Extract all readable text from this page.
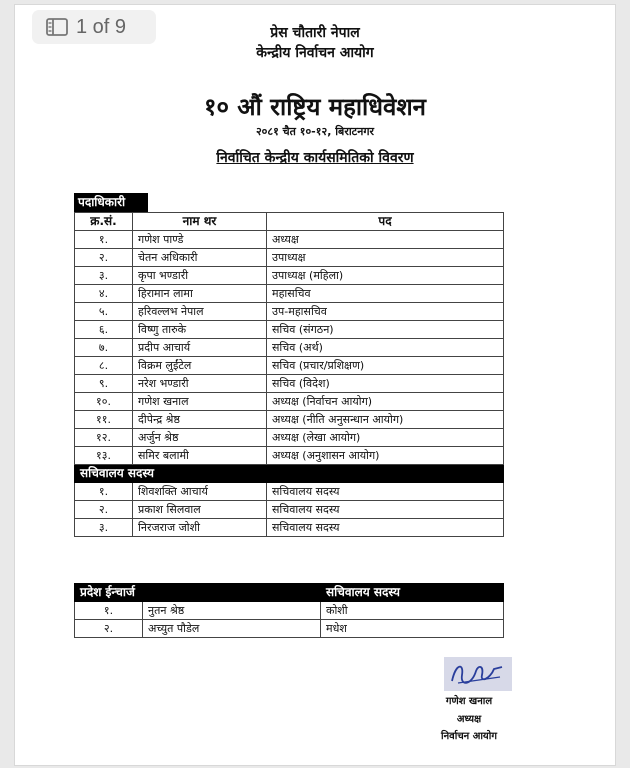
1 of 9	प्रेस चौतारी नेपाल
केन्द्रीय निर्वाचन आयोग
१० औं राष्ट्रिय महाधिवेशन
२०८१ चैत १०-१२, बिराटनगर
निर्वाचित केन्द्रीय कार्यसमितिको विवरण
पदाधिकारी
क्र.सं.	नाम थर	पद
१.	गणेश पाण्डे	अध्यक्ष
२.	चेतन अधिकारी	उपाध्यक्ष
३.	कृपा भण्डारी	उपाध्यक्ष (महिला)
४.	हिरामान लामा	महासचिव
५.	हरिवल्लभ नेपाल	उप-महासचिव
६.	विष्णु तारुके	सचिव (संगठन)
७.	प्रदीप आचार्य	सचिव (अर्थ)
८.	विक्रम लुईंटेल	सचिव (प्रचार/प्रशिक्षण)
९.	नरेश भण्डारी	सचिव (विदेश)
१०.	गणेश खनाल	अध्यक्ष (निर्वाचन आयोग)
११.	दीपेन्द्र श्रेष्ठ	अध्यक्ष (नीति अनुसन्धान आयोग)
१२.	अर्जुन श्रेष्ठ	अध्यक्ष (लेखा आयोग)
१३.	समिर बलामी	अध्यक्ष (अनुशासन आयोग)
सचिवालय सदस्य		
१.	शिवशक्ति आचार्य	सचिवालय सदस्य
२.	प्रकाश सिलवाल	सचिवालय सदस्य
३.	निरजराज जोशी	सचिवालय सदस्य
प्रदेश ईन्चार्ज		सचिवालय सदस्य
१.	नुतन श्रेष्ठ	कोशी
२.	अच्युत पौडेल	मधेश
गणेश खनाल
अध्यक्ष
निर्वाचन आयोग
